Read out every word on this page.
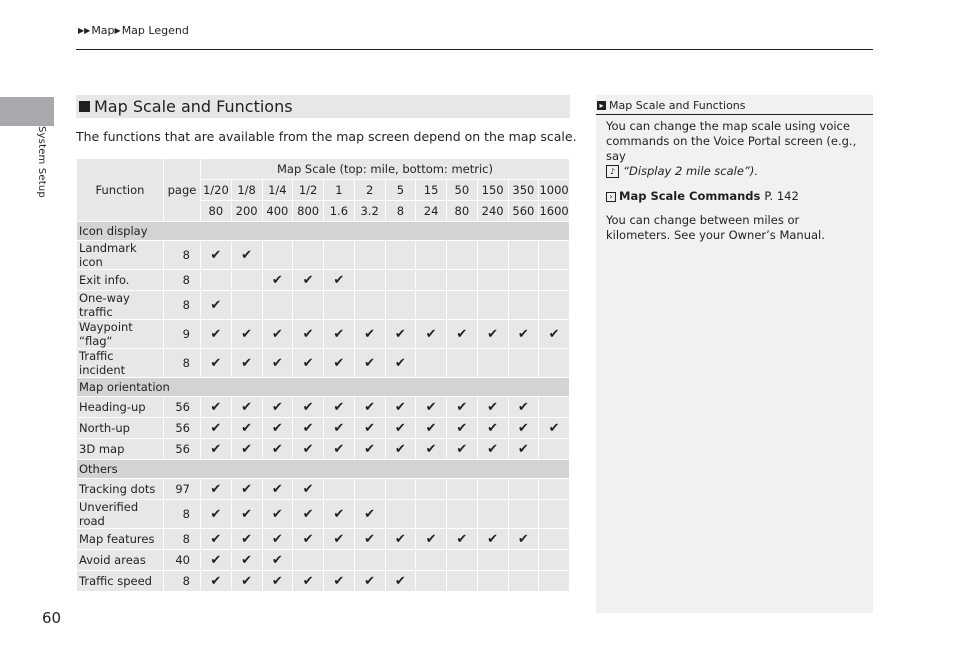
▶▶ Map ▶ Map Legend
System Setup
60
Map Scale and Functions
The functions that are available from the map screen depend on the map scale.
Function	page	Map Scale (top: mile, bottom: metric)											
		1/20	1/8	1/4	1/2	1	2	5	15	50	150	350	1000
		80	200	400	800	1.6	3.2	8	24	80	240	560	1600
Icon display													
Landmark icon	8	✔	✔										
Exit info.	8			✔	✔	✔							
One-way traffic	8	✔											
Waypoint “flag“	9	✔	✔	✔	✔	✔	✔	✔	✔	✔	✔	✔	✔
Traffic incident	8	✔	✔	✔	✔	✔	✔	✔					
Map orientation													
Heading-up	56	✔	✔	✔	✔	✔	✔	✔	✔	✔	✔	✔	
North-up	56	✔	✔	✔	✔	✔	✔	✔	✔	✔	✔	✔	✔
3D map	56	✔	✔	✔	✔	✔	✔	✔	✔	✔	✔	✔	
Others													
Tracking dots	97	✔	✔	✔	✔								
Unverified road	8	✔	✔	✔	✔	✔	✔						
Map features	8	✔	✔	✔	✔	✔	✔	✔	✔	✔	✔	✔	
Avoid areas	40	✔	✔	✔									
Traffic speed	8	✔	✔	✔	✔	✔	✔	✔					
▸ Map Scale and Functions

You can change the map scale using voice commands on the Voice Portal screen (e.g., say
♪ “Display 2 mile scale”).

› Map Scale Commands P. 142

You can change between miles or kilometers. See your Owner’s Manual.
